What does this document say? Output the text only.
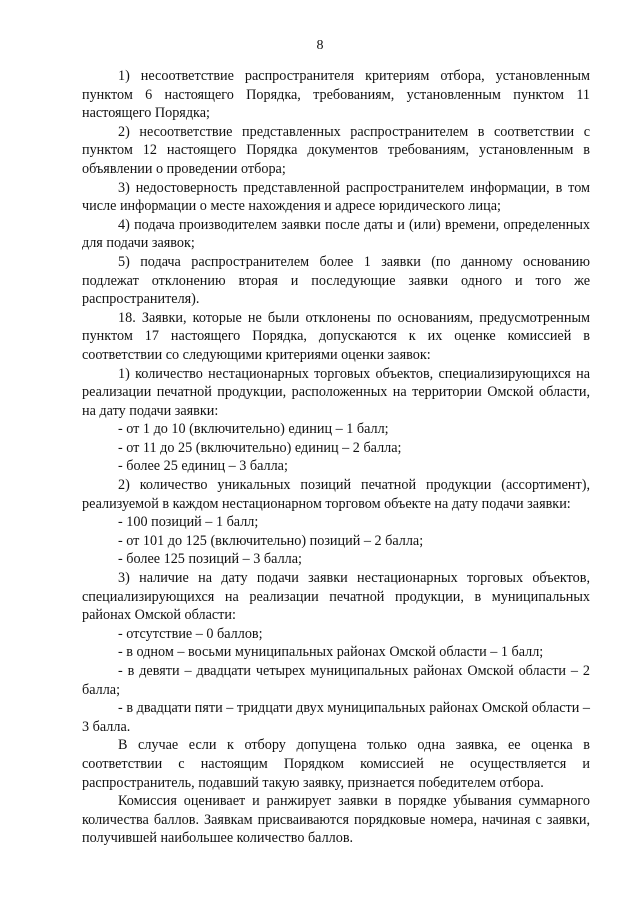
8

1) несоответствие распространителя критериям отбора, установленным пунктом 6 настоящего Порядка, требованиям, установленным пунктом 11 настоящего Порядка;

2) несоответствие представленных распространителем в соответствии с пунктом 12 настоящего Порядка документов требованиям, установленным в объявлении о проведении отбора;

3) недостоверность представленной распространителем информации, в том числе информации о месте нахождения и адресе юридического лица;

4) подача производителем заявки после даты и (или) времени, определенных для подачи заявок;

5) подача распространителем более 1 заявки (по данному основанию подлежат отклонению вторая и последующие заявки одного и того же распространителя).

18. Заявки, которые не были отклонены по основаниям, предусмотренным пунктом 17 настоящего Порядка, допускаются к их оценке комиссией в соответствии со следующими критериями оценки заявок:

1) количество нестационарных торговых объектов, специализирующихся на реализации печатной продукции, расположенных на территории Омской области, на дату подачи заявки:

- от 1 до 10 (включительно) единиц – 1 балл;

- от 11 до 25 (включительно) единиц – 2 балла;

- более 25 единиц – 3 балла;

2) количество уникальных позиций печатной продукции (ассортимент), реализуемой в каждом нестационарном торговом объекте на дату подачи заявки:

- 100 позиций – 1 балл;

- от 101 до 125 (включительно) позиций – 2 балла;

- более 125 позиций – 3 балла;

3) наличие на дату подачи заявки нестационарных торговых объектов, специализирующихся на реализации печатной продукции, в муниципальных районах Омской области:

- отсутствие – 0 баллов;

- в одном – восьми муниципальных районах Омской области – 1 балл;

- в девяти – двадцати четырех муниципальных районах Омской области – 2 балла;

- в двадцати пяти – тридцати двух муниципальных районах Омской области – 3 балла.

В случае если к отбору допущена только одна заявка, ее оценка в соответствии с настоящим Порядком комиссией не осуществляется и распространитель, подавший такую заявку, признается победителем отбора.

Комиссия оценивает и ранжирует заявки в порядке убывания суммарного количества баллов. Заявкам присваиваются порядковые номера, начиная с заявки, получившей наибольшее количество баллов.
